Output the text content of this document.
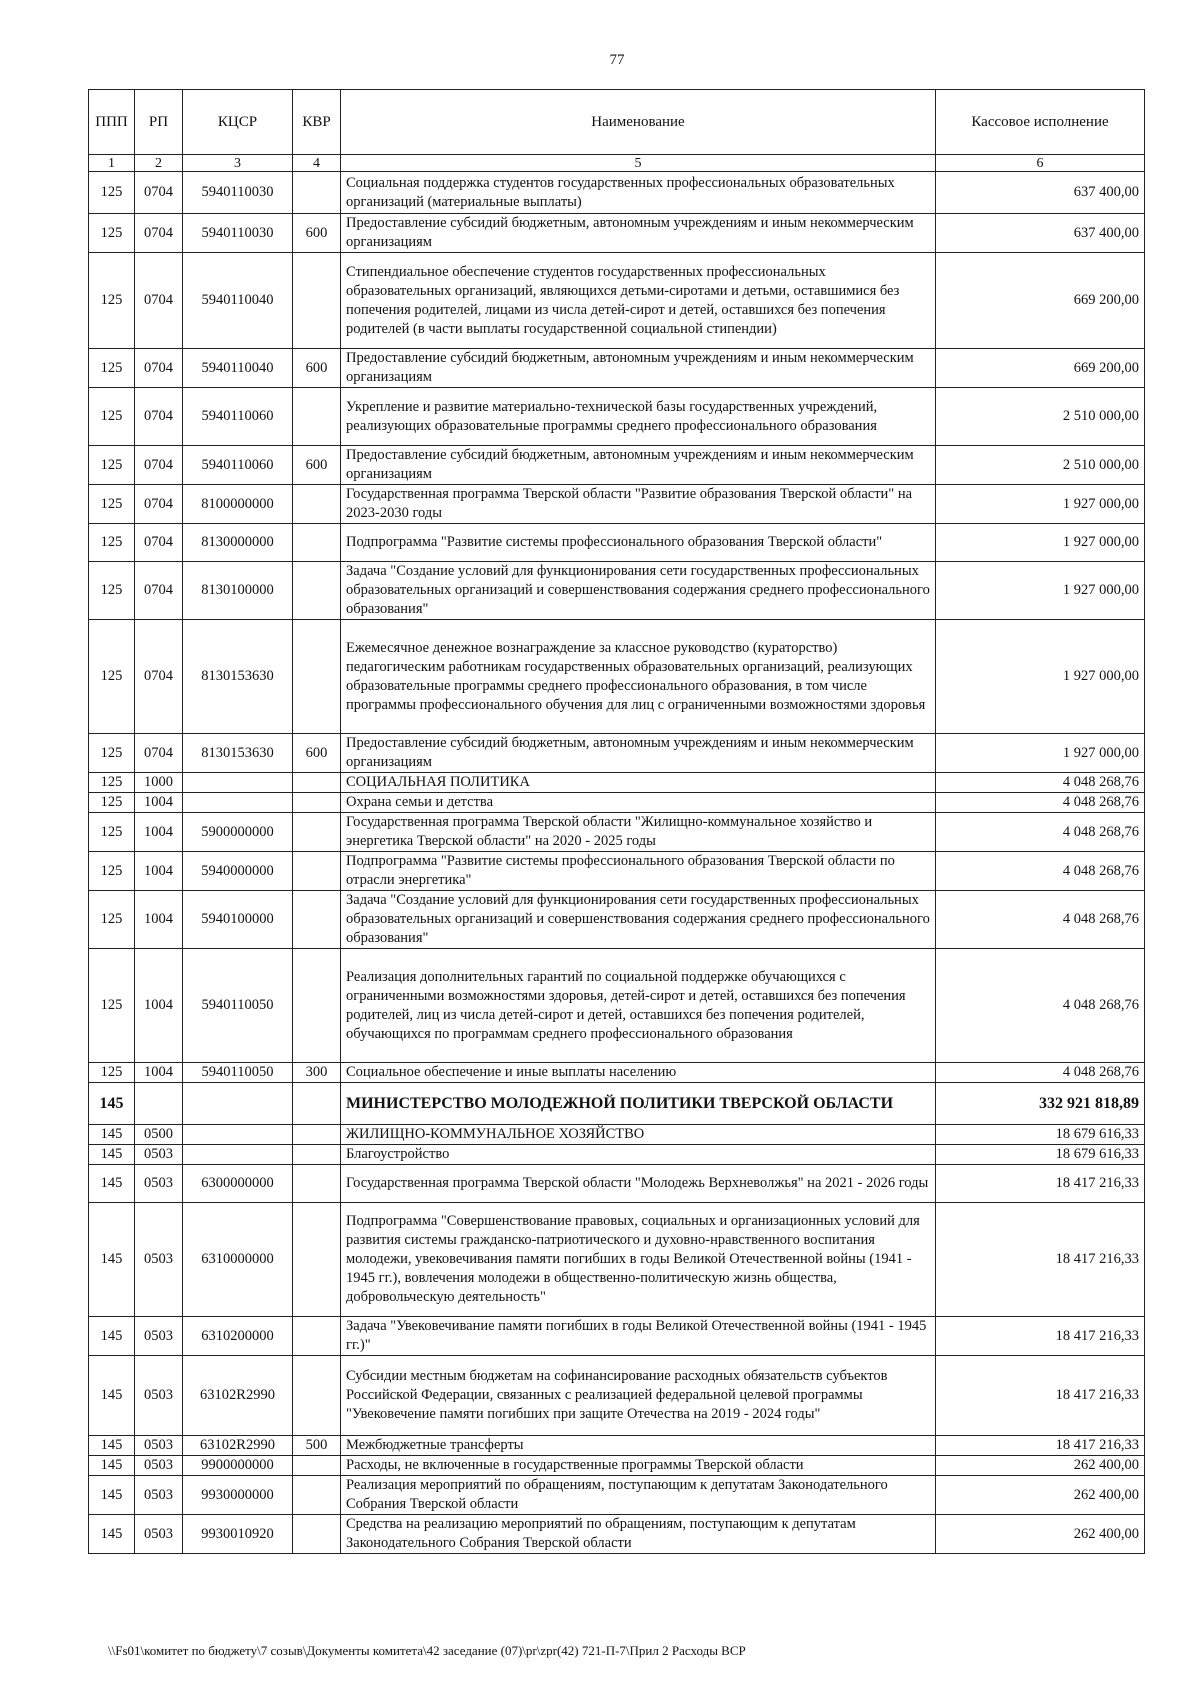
77
ППП	РП	КЦСР	КВР	Наименование	Кассовое исполнение
1	2	3	4	5	6
125	0704	5940110030		Социальная поддержка студентов государственных профессиональных образовательных организаций (материальные выплаты)	637 400,00
125	0704	5940110030	600	Предоставление субсидий бюджетным, автономным учреждениям и иным некоммерческим организациям	637 400,00
125	0704	5940110040		Стипендиальное обеспечение студентов государственных профессиональных образовательных организаций, являющихся детьми-сиротами и детьми, оставшимися без попечения родителей, лицами из числа детей-сирот и детей, оставшихся без попечения родителей (в части выплаты государственной социальной стипендии)	669 200,00
125	0704	5940110040	600	Предоставление субсидий бюджетным, автономным учреждениям и иным некоммерческим организациям	669 200,00
125	0704	5940110060		Укрепление и развитие материально-технической базы государственных учреждений, реализующих образовательные программы среднего профессионального образования	2 510 000,00
125	0704	5940110060	600	Предоставление субсидий бюджетным, автономным учреждениям и иным некоммерческим организациям	2 510 000,00
125	0704	8100000000		Государственная программа Тверской области "Развитие образования Тверской области" на 2023-2030 годы	1 927 000,00
125	0704	8130000000		Подпрограмма "Развитие системы профессионального образования Тверской области"	1 927 000,00
125	0704	8130100000		Задача "Создание условий для функционирования сети государственных профессиональных образовательных организаций и совершенствования содержания среднего профессионального образования"	1 927 000,00
125	0704	8130153630		Ежемесячное денежное вознаграждение за классное руководство (кураторство) педагогическим работникам государственных образовательных организаций, реализующих образовательные программы среднего профессионального образования, в том числе программы профессионального обучения для лиц с ограниченными возможностями здоровья	1 927 000,00
125	0704	8130153630	600	Предоставление субсидий бюджетным, автономным учреждениям и иным некоммерческим организациям	1 927 000,00
125	1000			СОЦИАЛЬНАЯ ПОЛИТИКА	4 048 268,76
125	1004			Охрана семьи и детства	4 048 268,76
125	1004	5900000000		Государственная программа Тверской области "Жилищно-коммунальное хозяйство и энергетика Тверской области" на 2020 - 2025 годы	4 048 268,76
125	1004	5940000000		Подпрограмма "Развитие системы профессионального образования Тверской области по отрасли энергетика"	4 048 268,76
125	1004	5940100000		Задача "Создание условий для функционирования сети государственных профессиональных образовательных организаций и совершенствования содержания среднего профессионального образования"	4 048 268,76
125	1004	5940110050		Реализация дополнительных гарантий по социальной поддержке обучающихся с ограниченными возможностями здоровья, детей-сирот и детей, оставшихся без попечения родителей, лиц из числа детей-сирот и детей, оставшихся без попечения родителей, обучающихся по программам среднего профессионального образования	4 048 268,76
125	1004	5940110050	300	Социальное обеспечение и иные выплаты населению	4 048 268,76
145				МИНИСТЕРСТВО МОЛОДЕЖНОЙ ПОЛИТИКИ ТВЕРСКОЙ ОБЛАСТИ	332 921 818,89
145	0500			ЖИЛИЩНО-КОММУНАЛЬНОЕ ХОЗЯЙСТВО	18 679 616,33
145	0503			Благоустройство	18 679 616,33
145	0503	6300000000		Государственная программа Тверской области "Молодежь Верхневолжья" на 2021 - 2026 годы	18 417 216,33
145	0503	6310000000		Подпрограмма "Совершенствование правовых, социальных и организационных условий для развития системы гражданско-патриотического и духовно-нравственного воспитания молодежи, увековечивания памяти погибших в годы Великой Отечественной войны (1941 - 1945 гг.), вовлечения молодежи в общественно-политическую жизнь общества, добровольческую деятельность"	18 417 216,33
145	0503	6310200000		Задача "Увековечивание памяти погибших в годы Великой Отечественной войны (1941 - 1945 гг.)"	18 417 216,33
145	0503	63102R2990		Субсидии местным бюджетам на софинансирование расходных обязательств субъектов Российской Федерации, связанных с реализацией федеральной целевой программы "Увековечение памяти погибших при защите Отечества на 2019 - 2024 годы"	18 417 216,33
145	0503	63102R2990	500	Межбюджетные трансферты	18 417 216,33
145	0503	9900000000		Расходы, не включенные в государственные программы Тверской области	262 400,00
145	0503	9930000000		Реализация мероприятий по обращениям, поступающим к депутатам Законодательного Собрания Тверской области	262 400,00
145	0503	9930010920		Средства на реализацию мероприятий по обращениям, поступающим к депутатам Законодательного Собрания Тверской области	262 400,00
\\Fs01\комитет по бюджету\7 созыв\Документы комитета\42 заседание (07)\pr\zpr(42) 721-П-7\Прил 2 Расходы ВСР
